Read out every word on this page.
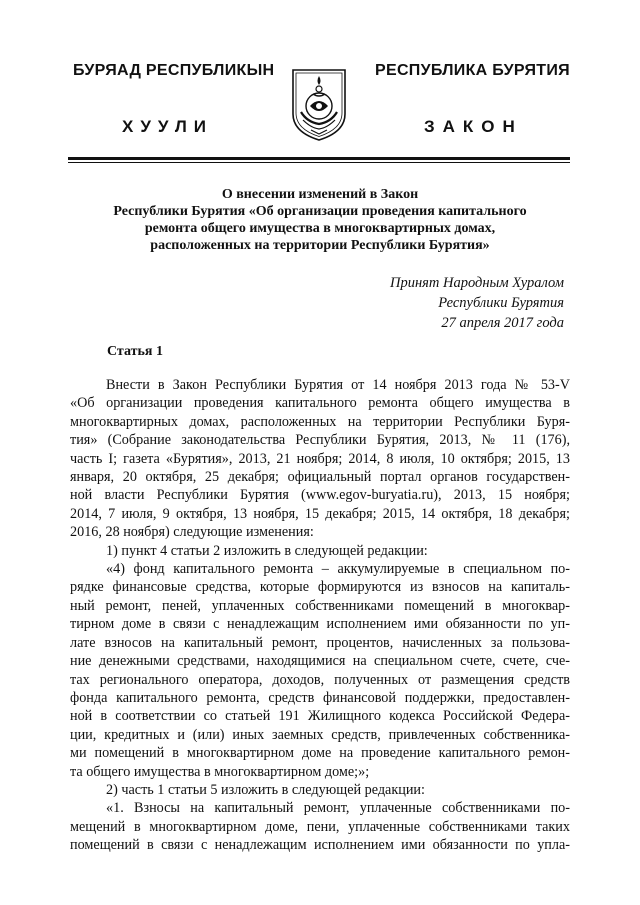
БУРЯАД РЕСПУБЛИКЫН	РЕСПУБЛИКА БУРЯТИЯ
ХУУЛИ	ЗАКОН
О внесении изменений в Закон
Республики Бурятия «Об организации проведения капитального
ремонта общего имущества в многоквартирных домах,
расположенных на территории Республики Бурятия»
Принят Народным Хуралом
Республики Бурятия
27 апреля 2017 года
Статья 1
Внести в Закон Республики Бурятия от 14 ноября 2013 года № 53-V
«Об организации проведения капитального ремонта общего имущества в
многоквартирных домах, расположенных на территории Республики Буря-
тия» (Собрание законодательства Республики Бурятия, 2013, № 11 (176),
часть I; газета «Бурятия», 2013, 21 ноября; 2014, 8 июля, 10 октября; 2015, 13
января, 20 октября, 25 декабря; официальный портал органов государствен-
ной власти Республики Бурятия (www.egov-buryatia.ru), 2013, 15 ноября;
2014, 7 июля, 9 октября, 13 ноября, 15 декабря; 2015, 14 октября, 18 декабря;
2016, 28 ноября) следующие изменения:
1) пункт 4 статьи 2 изложить в следующей редакции:
«4) фонд капитального ремонта – аккумулируемые в специальном по-
рядке финансовые средства, которые формируются из взносов на капиталь-
ный ремонт, пеней, уплаченных собственниками помещений в многоквар-
тирном доме в связи с ненадлежащим исполнением ими обязанности по уп-
лате взносов на капитальный ремонт, процентов, начисленных за пользова-
ние денежными средствами, находящимися на специальном счете, счете, сче-
тах регионального оператора, доходов, полученных от размещения средств
фонда капитального ремонта, средств финансовой поддержки, предоставлен-
ной в соответствии со статьей 191 Жилищного кодекса Российской Федера-
ции, кредитных и (или) иных заемных средств, привлеченных собственника-
ми помещений в многоквартирном доме на проведение капитального ремон-
та общего имущества в многоквартирном доме;»;
2) часть 1 статьи 5 изложить в следующей редакции:
«1. Взносы на капитальный ремонт, уплаченные собственниками по-
мещений в многоквартирном доме, пени, уплаченные собственниками таких
помещений в связи с ненадлежащим исполнением ими обязанности по упла-
